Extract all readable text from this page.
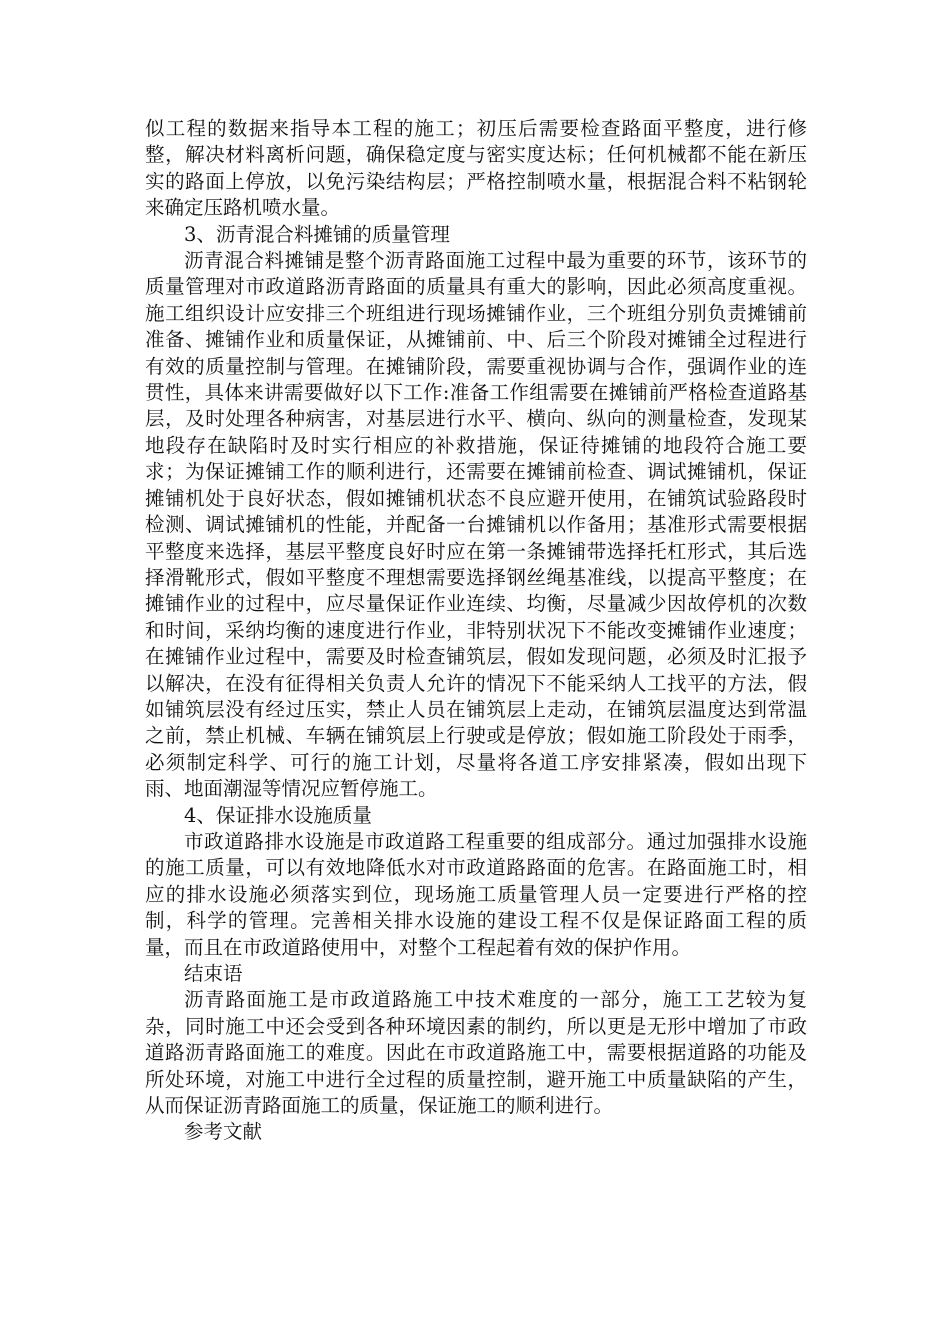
似工程的数据来指导本工程的施工；初压后需要检查路面平整度，进行修整，解决材料离析问题，确保稳定度与密实度达标；任何机械都不能在新压实的路面上停放，以免污染结构层；严格控制喷水量，根据混合料不粘钢轮来确定压路机喷水量。

3、沥青混合料摊铺的质量管理

沥青混合料摊铺是整个沥青路面施工过程中最为重要的环节，该环节的质量管理对市政道路沥青路面的质量具有重大的影响，因此必须高度重视。施工组织设计应安排三个班组进行现场摊铺作业，三个班组分别负责摊铺前准备、摊铺作业和质量保证，从摊铺前、中、后三个阶段对摊铺全过程进行有效的质量控制与管理。在摊铺阶段，需要重视协调与合作，强调作业的连贯性，具体来讲需要做好以下工作:准备工作组需要在摊铺前严格检查道路基层，及时处理各种病害，对基层进行水平、横向、纵向的测量检查，发现某地段存在缺陷时及时实行相应的补救措施，保证待摊铺的地段符合施工要求；为保证摊铺工作的顺利进行，还需要在摊铺前检查、调试摊铺机，保证摊铺机处于良好状态，假如摊铺机状态不良应避开使用，在铺筑试验路段时检测、调试摊铺机的性能，并配备一台摊铺机以作备用；基准形式需要根据平整度来选择，基层平整度良好时应在第一条摊铺带选择托杠形式，其后选择滑靴形式，假如平整度不理想需要选择钢丝绳基准线，以提高平整度；在摊铺作业的过程中，应尽量保证作业连续、均衡，尽量减少因故停机的次数和时间，采纳均衡的速度进行作业，非特别状况下不能改变摊铺作业速度；在摊铺作业过程中，需要及时检查铺筑层，假如发现问题，必须及时汇报予以解决，在没有征得相关负责人允许的情况下不能采纳人工找平的方法，假如铺筑层没有经过压实，禁止人员在铺筑层上走动，在铺筑层温度达到常温之前，禁止机械、车辆在铺筑层上行驶或是停放；假如施工阶段处于雨季，必须制定科学、可行的施工计划，尽量将各道工序安排紧凑，假如出现下雨、地面潮湿等情况应暂停施工。

4、保证排水设施质量

市政道路排水设施是市政道路工程重要的组成部分。通过加强排水设施的施工质量，可以有效地降低水对市政道路路面的危害。在路面施工时，相应的排水设施必须落实到位，现场施工质量管理人员一定要进行严格的控制，科学的管理。完善相关排水设施的建设工程不仅是保证路面工程的质量，而且在市政道路使用中，对整个工程起着有效的保护作用。

结束语

沥青路面施工是市政道路施工中技术难度的一部分，施工工艺较为复杂，同时施工中还会受到各种环境因素的制约，所以更是无形中增加了市政道路沥青路面施工的难度。因此在市政道路施工中，需要根据道路的功能及所处环境，对施工中进行全过程的质量控制，避开施工中质量缺陷的产生，从而保证沥青路面施工的质量，保证施工的顺利进行。

参考文献
